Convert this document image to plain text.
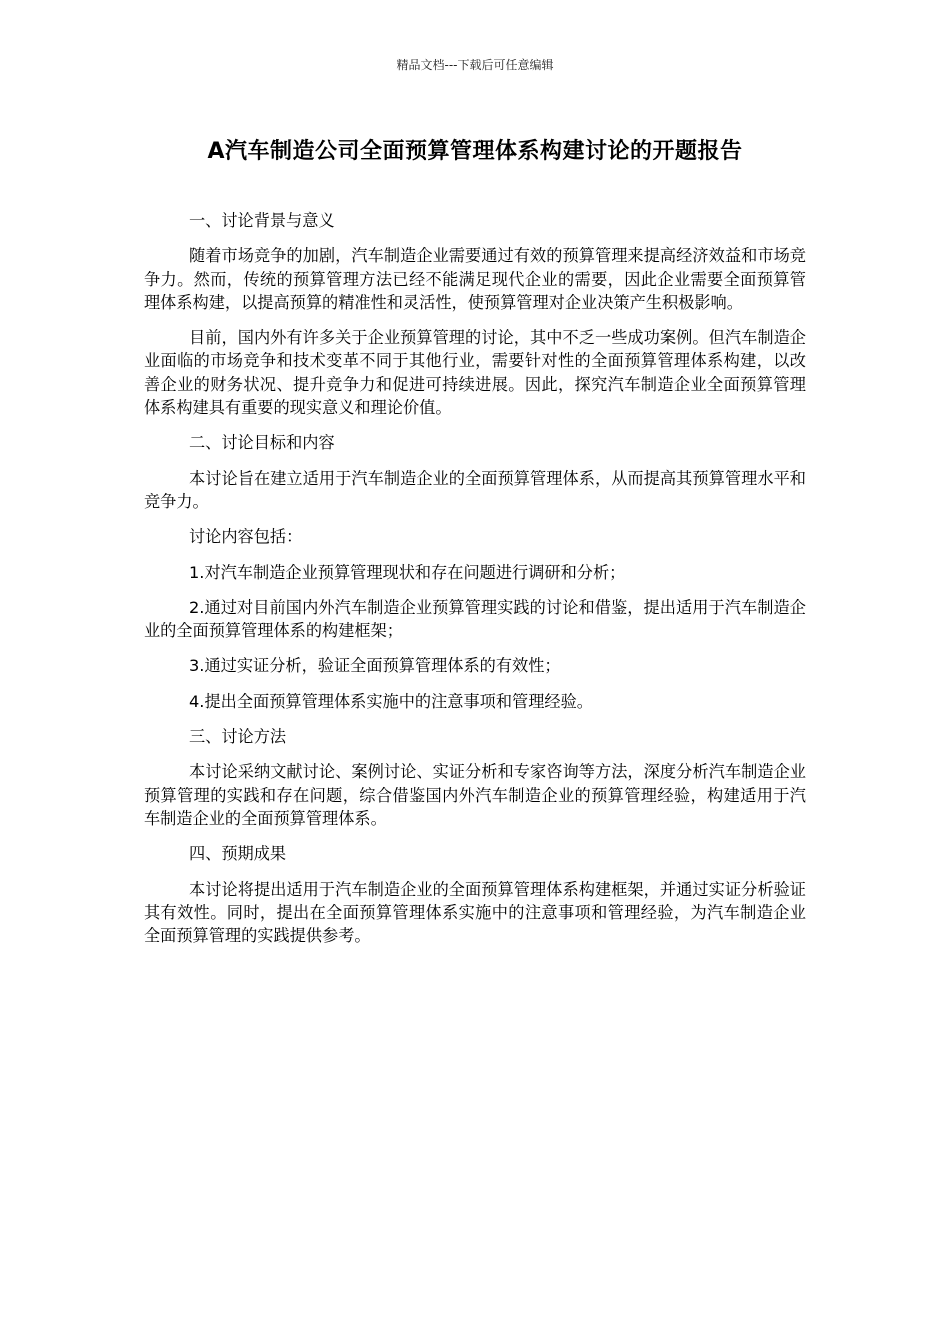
精品文档---下载后可任意编辑
A汽车制造公司全面预算管理体系构建讨论的开题报告

一、讨论背景与意义

随着市场竞争的加剧，汽车制造企业需要通过有效的预算管理来提高经济效益和市场竞争力。然而，传统的预算管理方法已经不能满足现代企业的需要，因此企业需要全面预算管理体系构建，以提高预算的精准性和灵活性，使预算管理对企业决策产生积极影响。

目前，国内外有许多关于企业预算管理的讨论，其中不乏一些成功案例。但汽车制造企业面临的市场竞争和技术变革不同于其他行业，需要针对性的全面预算管理体系构建，以改善企业的财务状况、提升竞争力和促进可持续进展。因此，探究汽车制造企业全面预算管理体系构建具有重要的现实意义和理论价值。

二、讨论目标和内容

本讨论旨在建立适用于汽车制造企业的全面预算管理体系，从而提高其预算管理水平和竞争力。

讨论内容包括：

1.对汽车制造企业预算管理现状和存在问题进行调研和分析；

2.通过对目前国内外汽车制造企业预算管理实践的讨论和借鉴，提出适用于汽车制造企业的全面预算管理体系的构建框架；

3.通过实证分析，验证全面预算管理体系的有效性；

4.提出全面预算管理体系实施中的注意事项和管理经验。

三、讨论方法

本讨论采纳文献讨论、案例讨论、实证分析和专家咨询等方法，深度分析汽车制造企业预算管理的实践和存在问题，综合借鉴国内外汽车制造企业的预算管理经验，构建适用于汽车制造企业的全面预算管理体系。

四、预期成果

本讨论将提出适用于汽车制造企业的全面预算管理体系构建框架，并通过实证分析验证其有效性。同时，提出在全面预算管理体系实施中的注意事项和管理经验，为汽车制造企业全面预算管理的实践提供参考。
